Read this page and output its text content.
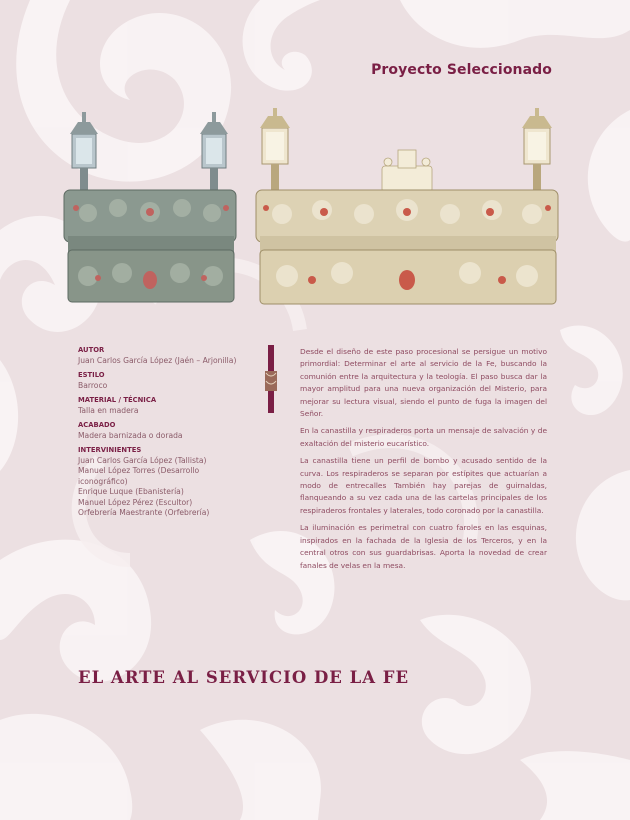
Proyecto Seleccionado
AUTOR
Juan Carlos García López (Jaén – Arjonilla)
ESTILO
Barroco
MATERIAL / TÉCNICA
Talla en madera
ACABADO
Madera barnizada o dorada
INTERVINIENTES
Juan Carlos García López (Tallista)
Manuel López Torres (Desarrollo
iconográfico)
Enrique Luque (Ebanistería)
Manuel López Pérez (Escultor)
Orfebrería Maestrante (Orfebrería)

Desde el diseño de este paso procesional se persigue un motivo primordial: Determinar el arte al servicio de la Fe, buscando la comunión entre la arquitectura y la teología. El paso busca dar la mayor amplitud para una nueva organización del Misterio, para mejorar su lectura visual, siendo el punto de fuga la imagen del Señor.

En la canastilla y respiraderos porta un mensaje de salvación y de exaltación del misterio eucarístico.

La canastilla tiene un perfil de bombo y acusado sentido de la curva. Los respiraderos se separan por estípites que actuarían a modo de entrecalles También hay parejas de guirnaldas, flanqueando a su vez cada una de las cartelas principales de los respiraderos frontales y laterales, todo coronado por la canastilla.

La iluminación es perimetral con cuatro faroles en las esquinas, inspirados en la fachada de la Iglesia de los Terceros, y en la central otros con sus guardabrisas. Aporta la novedad de crear fanales de velas en la mesa.

EL ARTE AL SERVICIO DE LA FE
